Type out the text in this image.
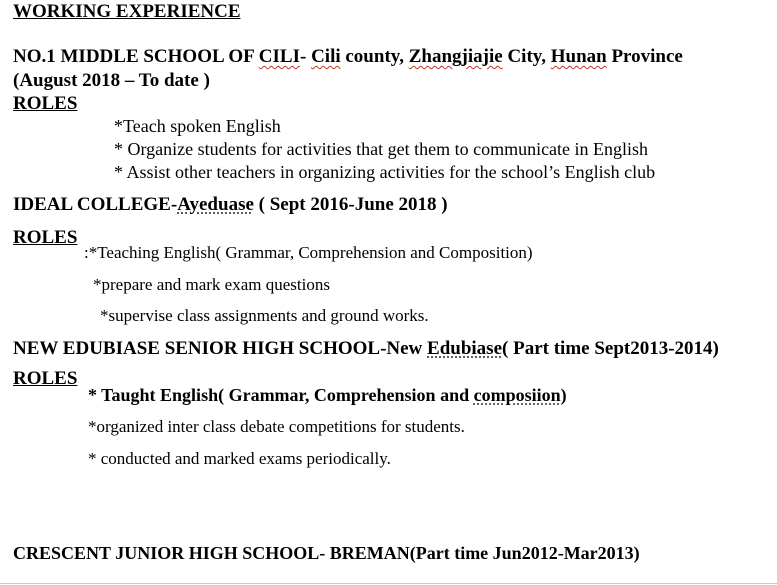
WORKING EXPERIENCE
NO.1 MIDDLE SCHOOL OF CILI- Cili county, Zhangjiajie City, Hunan Province
(August 2018 – To date )
ROLES
*Teach spoken English
* Organize students for activities that get them to communicate in English
* Assist other teachers in organizing activities for the school’s English club
IDEAL COLLEGE-Ayeduase ( Sept 2016-June 2018 )
ROLES
:*Teaching English( Grammar, Comprehension and Composition)
*prepare and mark exam questions
*supervise class assignments and ground works.
NEW EDUBIASE SENIOR HIGH SCHOOL-New Edubiase( Part time Sept2013-2014)
ROLES
* Taught English( Grammar, Comprehension and composiion)
*organized inter class debate competitions for students.
* conducted and marked exams periodically.
CRESCENT JUNIOR HIGH SCHOOL- BREMAN(Part time Jun2012-Mar2013)
